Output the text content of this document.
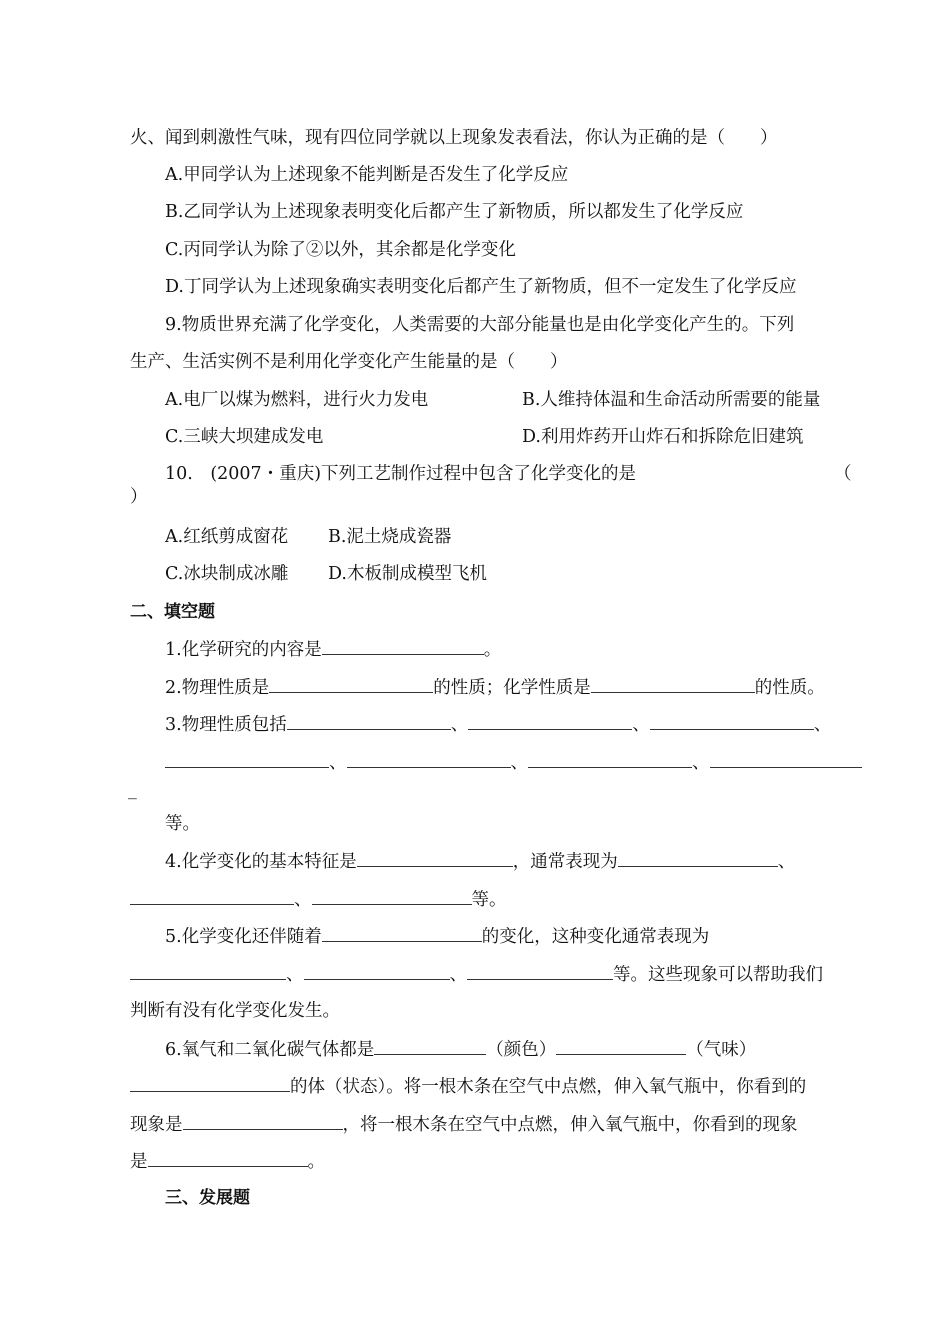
火、闻到刺激性气味，现有四位同学就以上现象发表看法，你认为正确的是（　　）
A.甲同学认为上述现象不能判断是否发生了化学反应
B.乙同学认为上述现象表明变化后都产生了新物质，所以都发生了化学反应
C.丙同学认为除了②以外，其余都是化学变化
D.丁同学认为上述现象确实表明变化后都产生了新物质，但不一定发生了化学反应
9.物质世界充满了化学变化，人类需要的大部分能量也是由化学变化产生的。下列
生产、生活实例不是利用化学变化产生能量的是（　　）
A.电厂以煤为燃料，进行火力发电	B.人维持体温和生命活动所需要的能量
C.三峡大坝建成发电	D.利用炸药开山炸石和拆除危旧建筑
10.　(2007・重庆)下列工艺制作过程中包含了化学变化的是	（
）
A.红纸剪成窗花 B.泥土烧成瓷器
C.冰块制成冰雕 D.木板制成模型飞机
二、填空题
1.化学研究的内容是	。
2.物理性质是	的性质；化学性质是	的性质。
3.物理性质包括	、	、	、
、	、	、
_
等。
4.化学变化的基本特征是	，通常表现为	、
、	等。
5.化学变化还伴随着	的变化，这种变化通常表现为
、	、	等。这些现象可以帮助我们
判断有没有化学变化发生。
6.氧气和二氧化碳气体都是	（颜色）	（气味）
的体（状态）。将一根木条在空气中点燃，伸入氧气瓶中，你看到的
现象是	，将一根木条在空气中点燃，伸入氧气瓶中，你看到的现象
是	。
三、发展题
